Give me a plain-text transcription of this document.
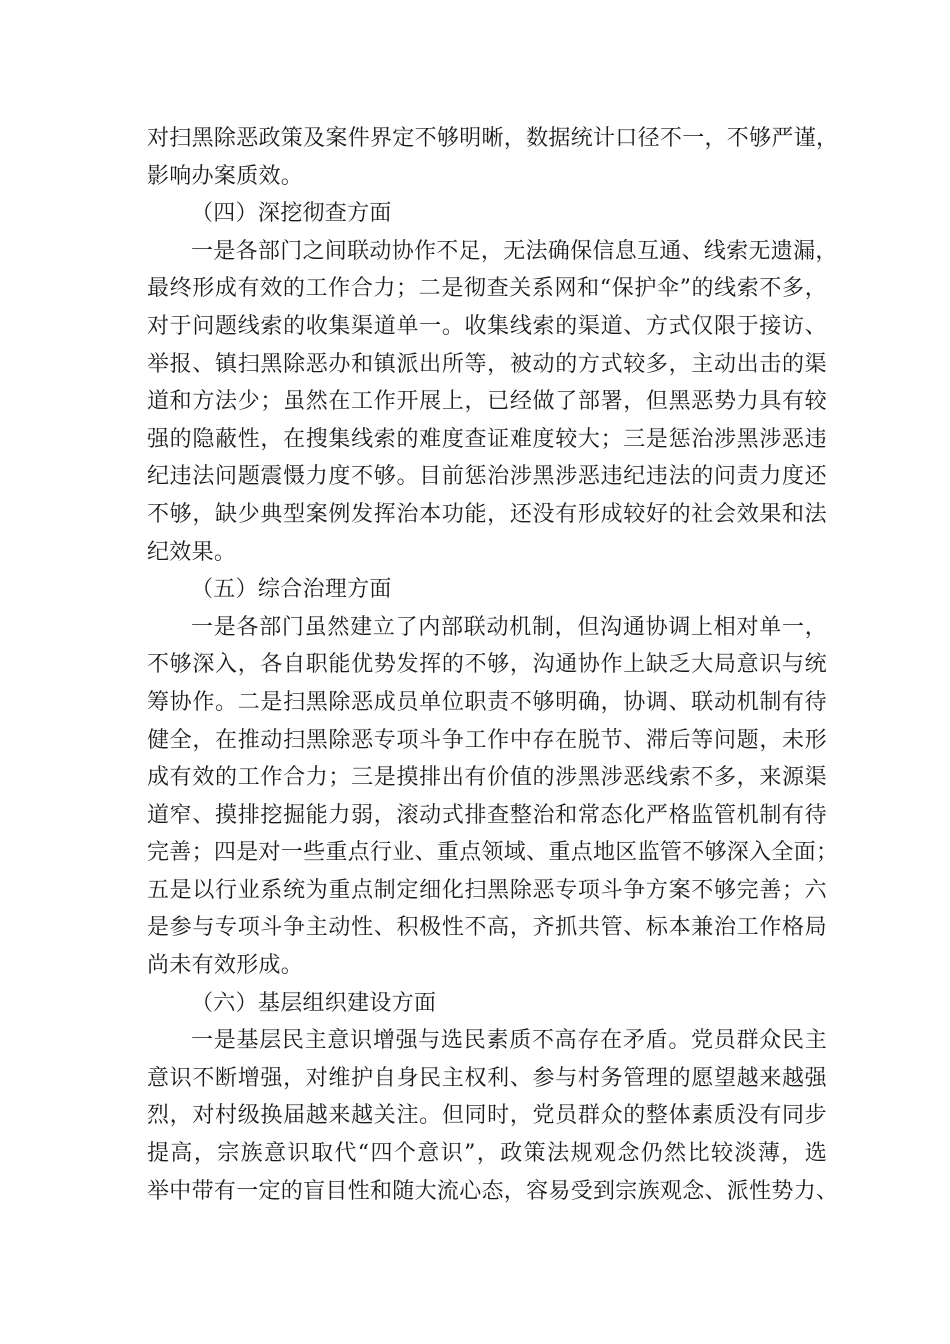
对扫黑除恶政策及案件界定不够明晰，数据统计口径不一，不够严谨，
影响办案质效。
（四）深挖彻查方面
一是各部门之间联动协作不足，无法确保信息互通、线索无遗漏，
最终形成有效的工作合力；二是彻查关系网和“保护伞”的线索不多，
对于问题线索的收集渠道单一。收集线索的渠道、方式仅限于接访、
举报、镇扫黑除恶办和镇派出所等，被动的方式较多，主动出击的渠
道和方法少；虽然在工作开展上，已经做了部署，但黑恶势力具有较
强的隐蔽性，在搜集线索的难度查证难度较大；三是惩治涉黑涉恶违
纪违法问题震慑力度不够。目前惩治涉黑涉恶违纪违法的问责力度还
不够，缺少典型案例发挥治本功能，还没有形成较好的社会效果和法
纪效果。
（五）综合治理方面
一是各部门虽然建立了内部联动机制，但沟通协调上相对单一，
不够深入，各自职能优势发挥的不够，沟通协作上缺乏大局意识与统
筹协作。二是扫黑除恶成员单位职责不够明确，协调、联动机制有待
健全，在推动扫黑除恶专项斗争工作中存在脱节、滞后等问题，未形
成有效的工作合力；三是摸排出有价值的涉黑涉恶线索不多，来源渠
道窄、摸排挖掘能力弱，滚动式排查整治和常态化严格监管机制有待
完善；四是对一些重点行业、重点领域、重点地区监管不够深入全面；
五是以行业系统为重点制定细化扫黑除恶专项斗争方案不够完善；六
是参与专项斗争主动性、积极性不高，齐抓共管、标本兼治工作格局
尚未有效形成。
（六）基层组织建设方面
一是基层民主意识增强与选民素质不高存在矛盾。党员群众民主
意识不断增强，对维护自身民主权利、参与村务管理的愿望越来越强
烈，对村级换届越来越关注。但同时，党员群众的整体素质没有同步
提高，宗族意识取代“四个意识”，政策法规观念仍然比较淡薄，选
举中带有一定的盲目性和随大流心态，容易受到宗族观念、派性势力、
